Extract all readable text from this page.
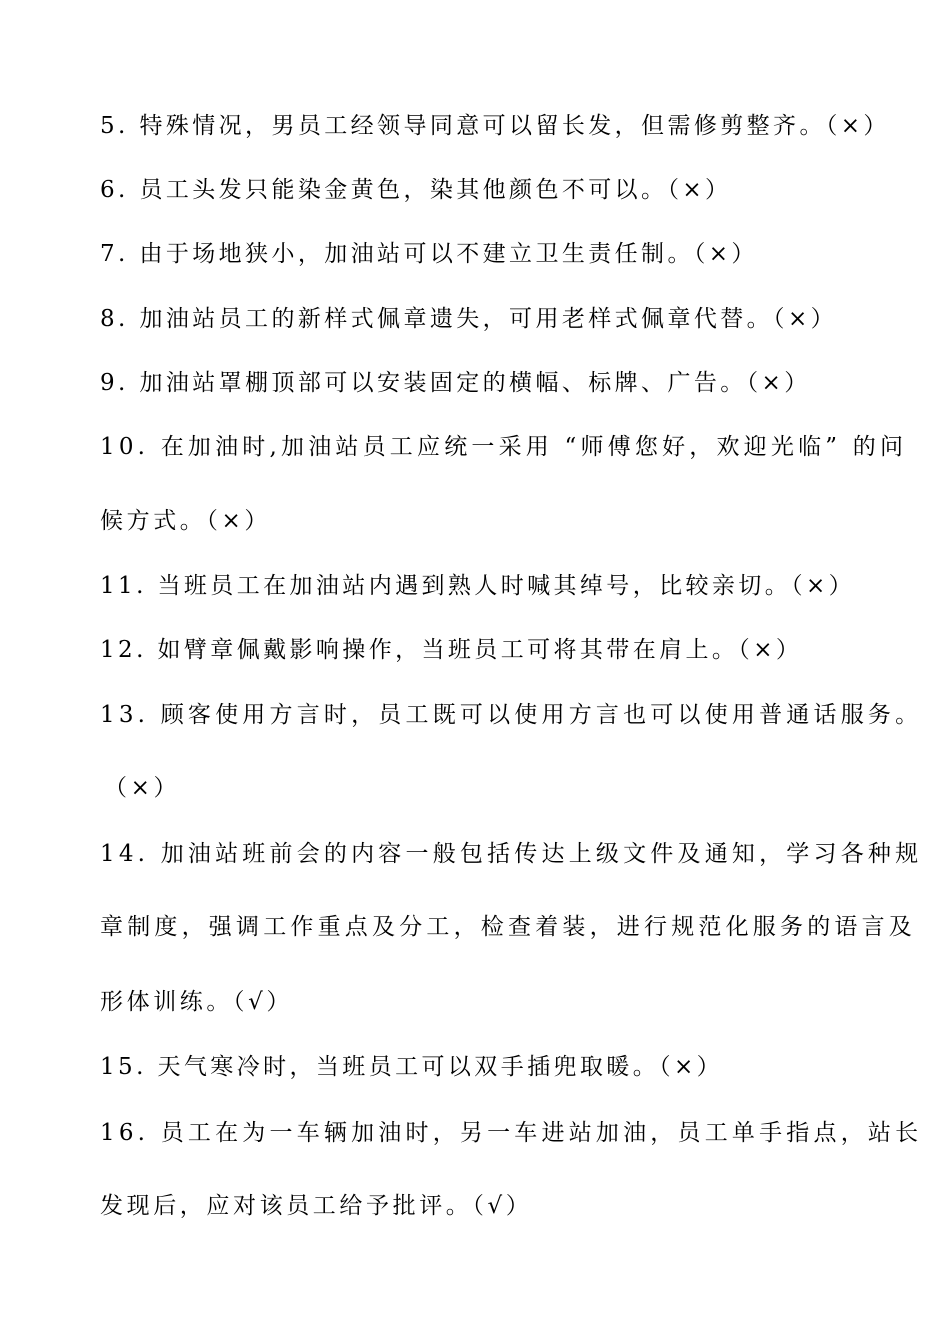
5. 特殊情况，男员工经领导同意可以留长发，但需修剪整齐。（×）
6. 员工头发只能染金黄色，染其他颜色不可以。（×）
7. 由于场地狭小，加油站可以不建立卫生责任制。（×）
8. 加油站员工的新样式佩章遗失，可用老样式佩章代替。（×）
9. 加油站罩棚顶部可以安装固定的横幅、标牌、广告。（×）
10. 在加油时,加油站员工应统一采用 “师傅您好，欢迎光临” 的问
候方式。（×）
11. 当班员工在加油站内遇到熟人时喊其绰号，比较亲切。（×）
12. 如臂章佩戴影响操作，当班员工可将其带在肩上。（×）
13. 顾客使用方言时，员工既可以使用方言也可以使用普通话服务。
（×）
14. 加油站班前会的内容一般包括传达上级文件及通知，学习各种规
章制度，强调工作重点及分工，检查着装，进行规范化服务的语言及
形体训练。（√）
15. 天气寒冷时，当班员工可以双手插兜取暖。（×）
16. 员工在为一车辆加油时，另一车进站加油，员工单手指点，站长
发现后，应对该员工给予批评。（√）
